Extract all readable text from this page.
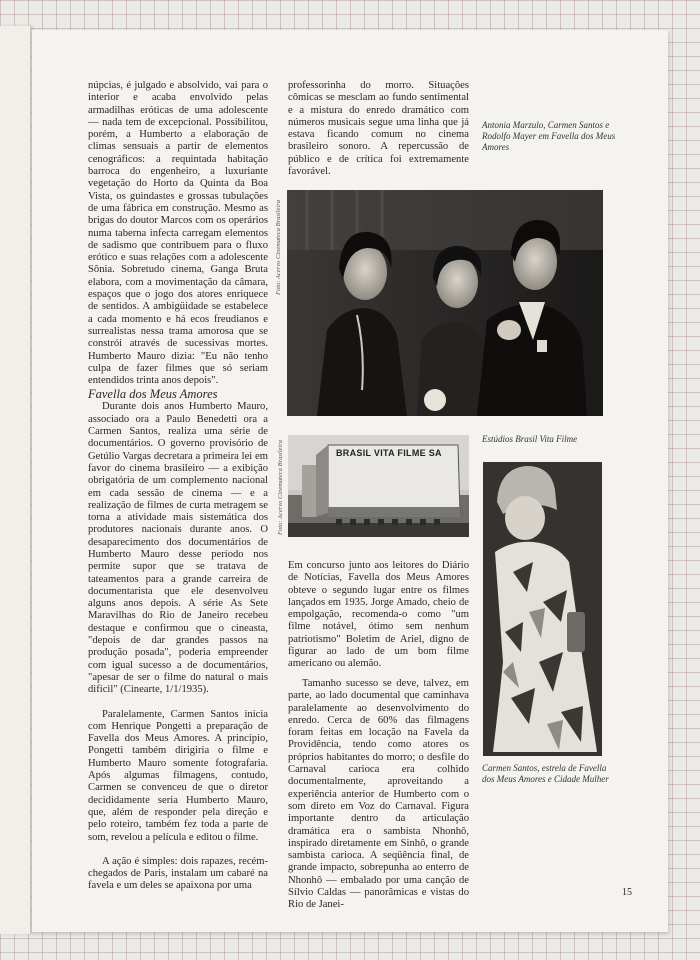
núpcias, é julgado e absolvido, vai para o interior e acaba envolvido pelas armadilhas eróticas de uma adolescente — nada tem de excepcional. Possibilitou, porém, a Humberto a elaboração de climas sensuais a partir de elementos cenográficos: a requintada habitação barroca do engenheiro, a luxuriante vegetação do Horto da Quinta da Boa Vista, os guindastes e grossas tubulações de uma fábrica em construção. Mesmo as brigas do doutor Marcos com os operários numa taberna infecta carregam elementos de sadismo que contribuem para o fluxo erótico e suas relações com a adolescente Sônia. Sobretudo cinema, Ganga Bruta elabora, com a movimentação da câmara, espaços que o jogo dos atores enriquece de sentidos. A ambigüidade se estabelece a cada momento e há ecos freudianos e surrealistas nessa trama amorosa que se constrói através de sucessivas mortes. Humberto Mauro dizia: "Eu não tenho culpa de fazer filmes que só seriam entendidos trinta anos depois".

Favella dos Meus Amores

Durante dois anos Humberto Mauro, associado ora a Paulo Benedetti ora a Carmen Santos, realiza uma série de documentários. O governo provisório de Getúlio Vargas decretara a primeira lei em favor do cinema brasileiro — a exibição obrigatória de um complemento nacional em cada sessão de cinema — e a realização de filmes de curta metragem se torna a atividade mais sistemática dos produtores nacionais durante anos. O desaparecimento dos documentários de Humberto Mauro desse período nos permite supor que se tratava de tateamentos para a grande carreira de documentarista que ele desenvolveu alguns anos depois. A série As Sete Maravilhas do Rio de Janeiro recebeu destaque e confirmou que o cineasta, "depois de dar grandes passos na produção posada", poderia empreender com igual sucesso a de documentários, "apesar de ser o filme do natural o mais difícil" (Cinearte, 1/1/1935).

Paralelamente, Carmen Santos inicia com Henrique Pongetti a preparação de Favella dos Meus Amores. A princípio, Pongetti também dirigiria o filme e Humberto Mauro somente fotografaria. Após algumas filmagens, contudo, Carmen se convenceu de que o diretor decididamente seria Humberto Mauro, que, além de responder pela direção e pelo roteiro, também fez toda a parte de som, revelou a película e editou o filme.

A ação é simples: dois rapazes, recém-chegados de Paris, instalam um cabaré na favela e um deles se apaixona por uma

professorinha do morro. Situações cômicas se mesclam ao fundo sentimental e a mistura do enredo dramático com números musicais segue uma linha que já estava ficando comum no cinema brasileiro sonoro. A repercussão de público e de crítica foi extremamente favorável.

Em concurso junto aos leitores do Diário de Notícias, Favella dos Meus Amores obteve o segundo lugar entre os filmes lançados em 1935. Jorge Amado, cheio de empolgação, recomenda-o como "um filme notável, ótimo sem nenhum patriotismo" Boletim de Ariel, digno de figurar ao lado de um bom filme americano ou alemão.

Tamanho sucesso se deve, talvez, em parte, ao lado documental que caminhava paralelamente ao desenvolvimento do enredo. Cerca de 60% das filmagens foram feitas em locação na Favela da Providência, tendo como atores os próprios habitantes do morro; o desfile do Carnaval carioca era colhido documentalmente, aproveitando a experiência anterior de Humberto com o som direto em Voz do Carnaval. Figura importante dentro da articulação dramática era o sambista Nhonhô, inspirado diretamente em Sinhô, o grande sambista carioca. A seqüência final, de grande impacto, sobrepunha ao enterro de Nhonhô — embalado por uma canção de Sílvio Caldas — panorâmicas e vistas do Rio de Janei-

Antonia Marzulo, Carmen Santos e Rodolfo Mayer em Favella dos Meus Amores
Foto: Acervo Cinemateca Brasileira
BRASIL VITA FILME SA
Foto: Acervo Cinemateca Brasileira
Estúdios Brasil Vita Filme
Carmen Santos, estrela de Favella dos Meus Amores e Cidade Mulher
15
